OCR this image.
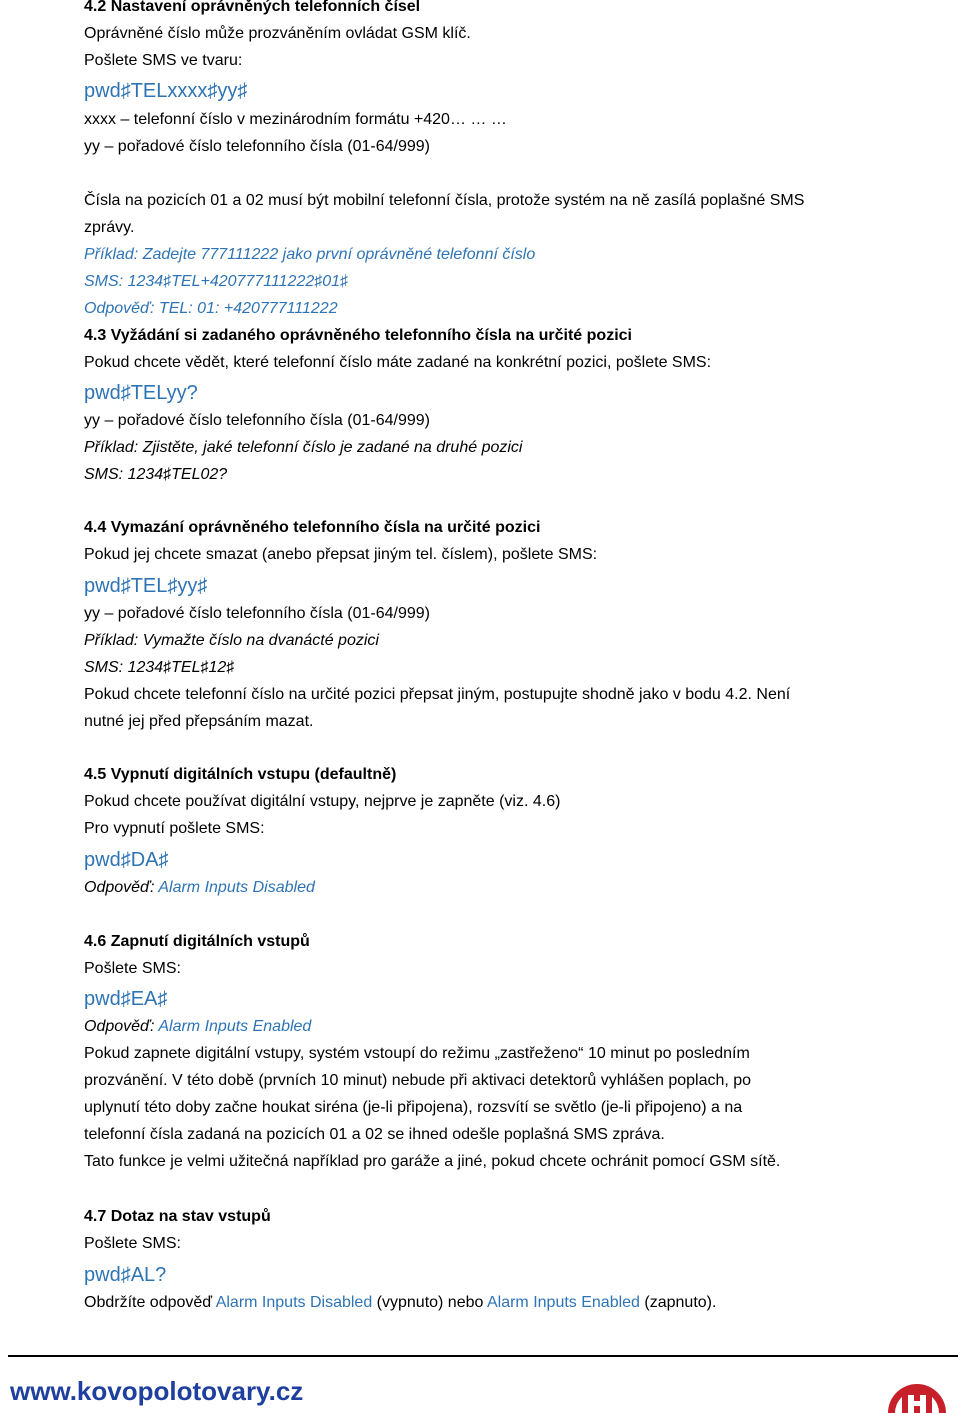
4.2 Nastavení oprávněných telefonních čísel
Oprávněné číslo může prozváněním ovládat GSM klíč.
Pošlete SMS ve tvaru:
pwd♯TELxxxx♯yy♯
xxxx – telefonní číslo v mezinárodním formátu +420… … …
yy – pořadové číslo telefonního čísla (01-64/999)
Čísla na pozicích 01 a 02 musí být mobilní telefonní čísla, protože systém na ně zasílá poplašné SMS
zprávy.
Příklad: Zadejte 777111222 jako první oprávněné telefonní číslo
SMS: 1234♯TEL+420777111222♯01♯
Odpověď: TEL: 01: +420777111222
4.3 Vyžádání si zadaného oprávněného telefonního čísla na určité pozici
Pokud chcete vědět, které telefonní číslo máte zadané na konkrétní pozici, pošlete SMS:
pwd♯TELyy?
yy – pořadové číslo telefonního čísla (01-64/999)
Příklad: Zjistěte, jaké telefonní číslo je zadané na druhé pozici
SMS: 1234♯TEL02?
4.4 Vymazání oprávněného telefonního čísla na určité pozici
Pokud jej chcete smazat (anebo přepsat jiným tel. číslem), pošlete SMS:
pwd♯TEL♯yy♯
yy – pořadové číslo telefonního čísla (01-64/999)
Příklad: Vymažte číslo na dvanácté pozici
SMS: 1234♯TEL♯12♯
Pokud chcete telefonní číslo na určité pozici přepsat jiným, postupujte shodně jako v bodu 4.2. Není
nutné jej před přepsáním mazat.
4.5 Vypnutí digitálních vstupu (defaultně)
Pokud chcete používat digitální vstupy, nejprve je zapněte (viz. 4.6)
Pro vypnutí pošlete SMS:
pwd♯DA♯
Odpověď: Alarm Inputs Disabled
4.6 Zapnutí digitálních vstupů
Pošlete SMS:
pwd♯EA♯
Odpověď: Alarm Inputs Enabled
Pokud zapnete digitální vstupy, systém vstoupí do režimu „zastřeženo“ 10 minut po posledním
prozvánění. V této době (prvních 10 minut) nebude při aktivaci detektorů vyhlášen poplach, po
uplynutí této doby začne houkat siréna (je-li připojena), rozsvítí se světlo (je-li připojeno) a na
telefonní čísla zadaná na pozicích 01 a 02 se ihned odešle poplašná SMS zpráva.
Tato funkce je velmi užitečná například pro garáže a jiné, pokud chcete ochránit pomocí GSM sítě.
4.7 Dotaz na stav vstupů
Pošlete SMS:
pwd♯AL?
Obdržíte odpověď Alarm Inputs Disabled (vypnuto) nebo Alarm Inputs Enabled (zapnuto).
www.kovopolotovary.cz
